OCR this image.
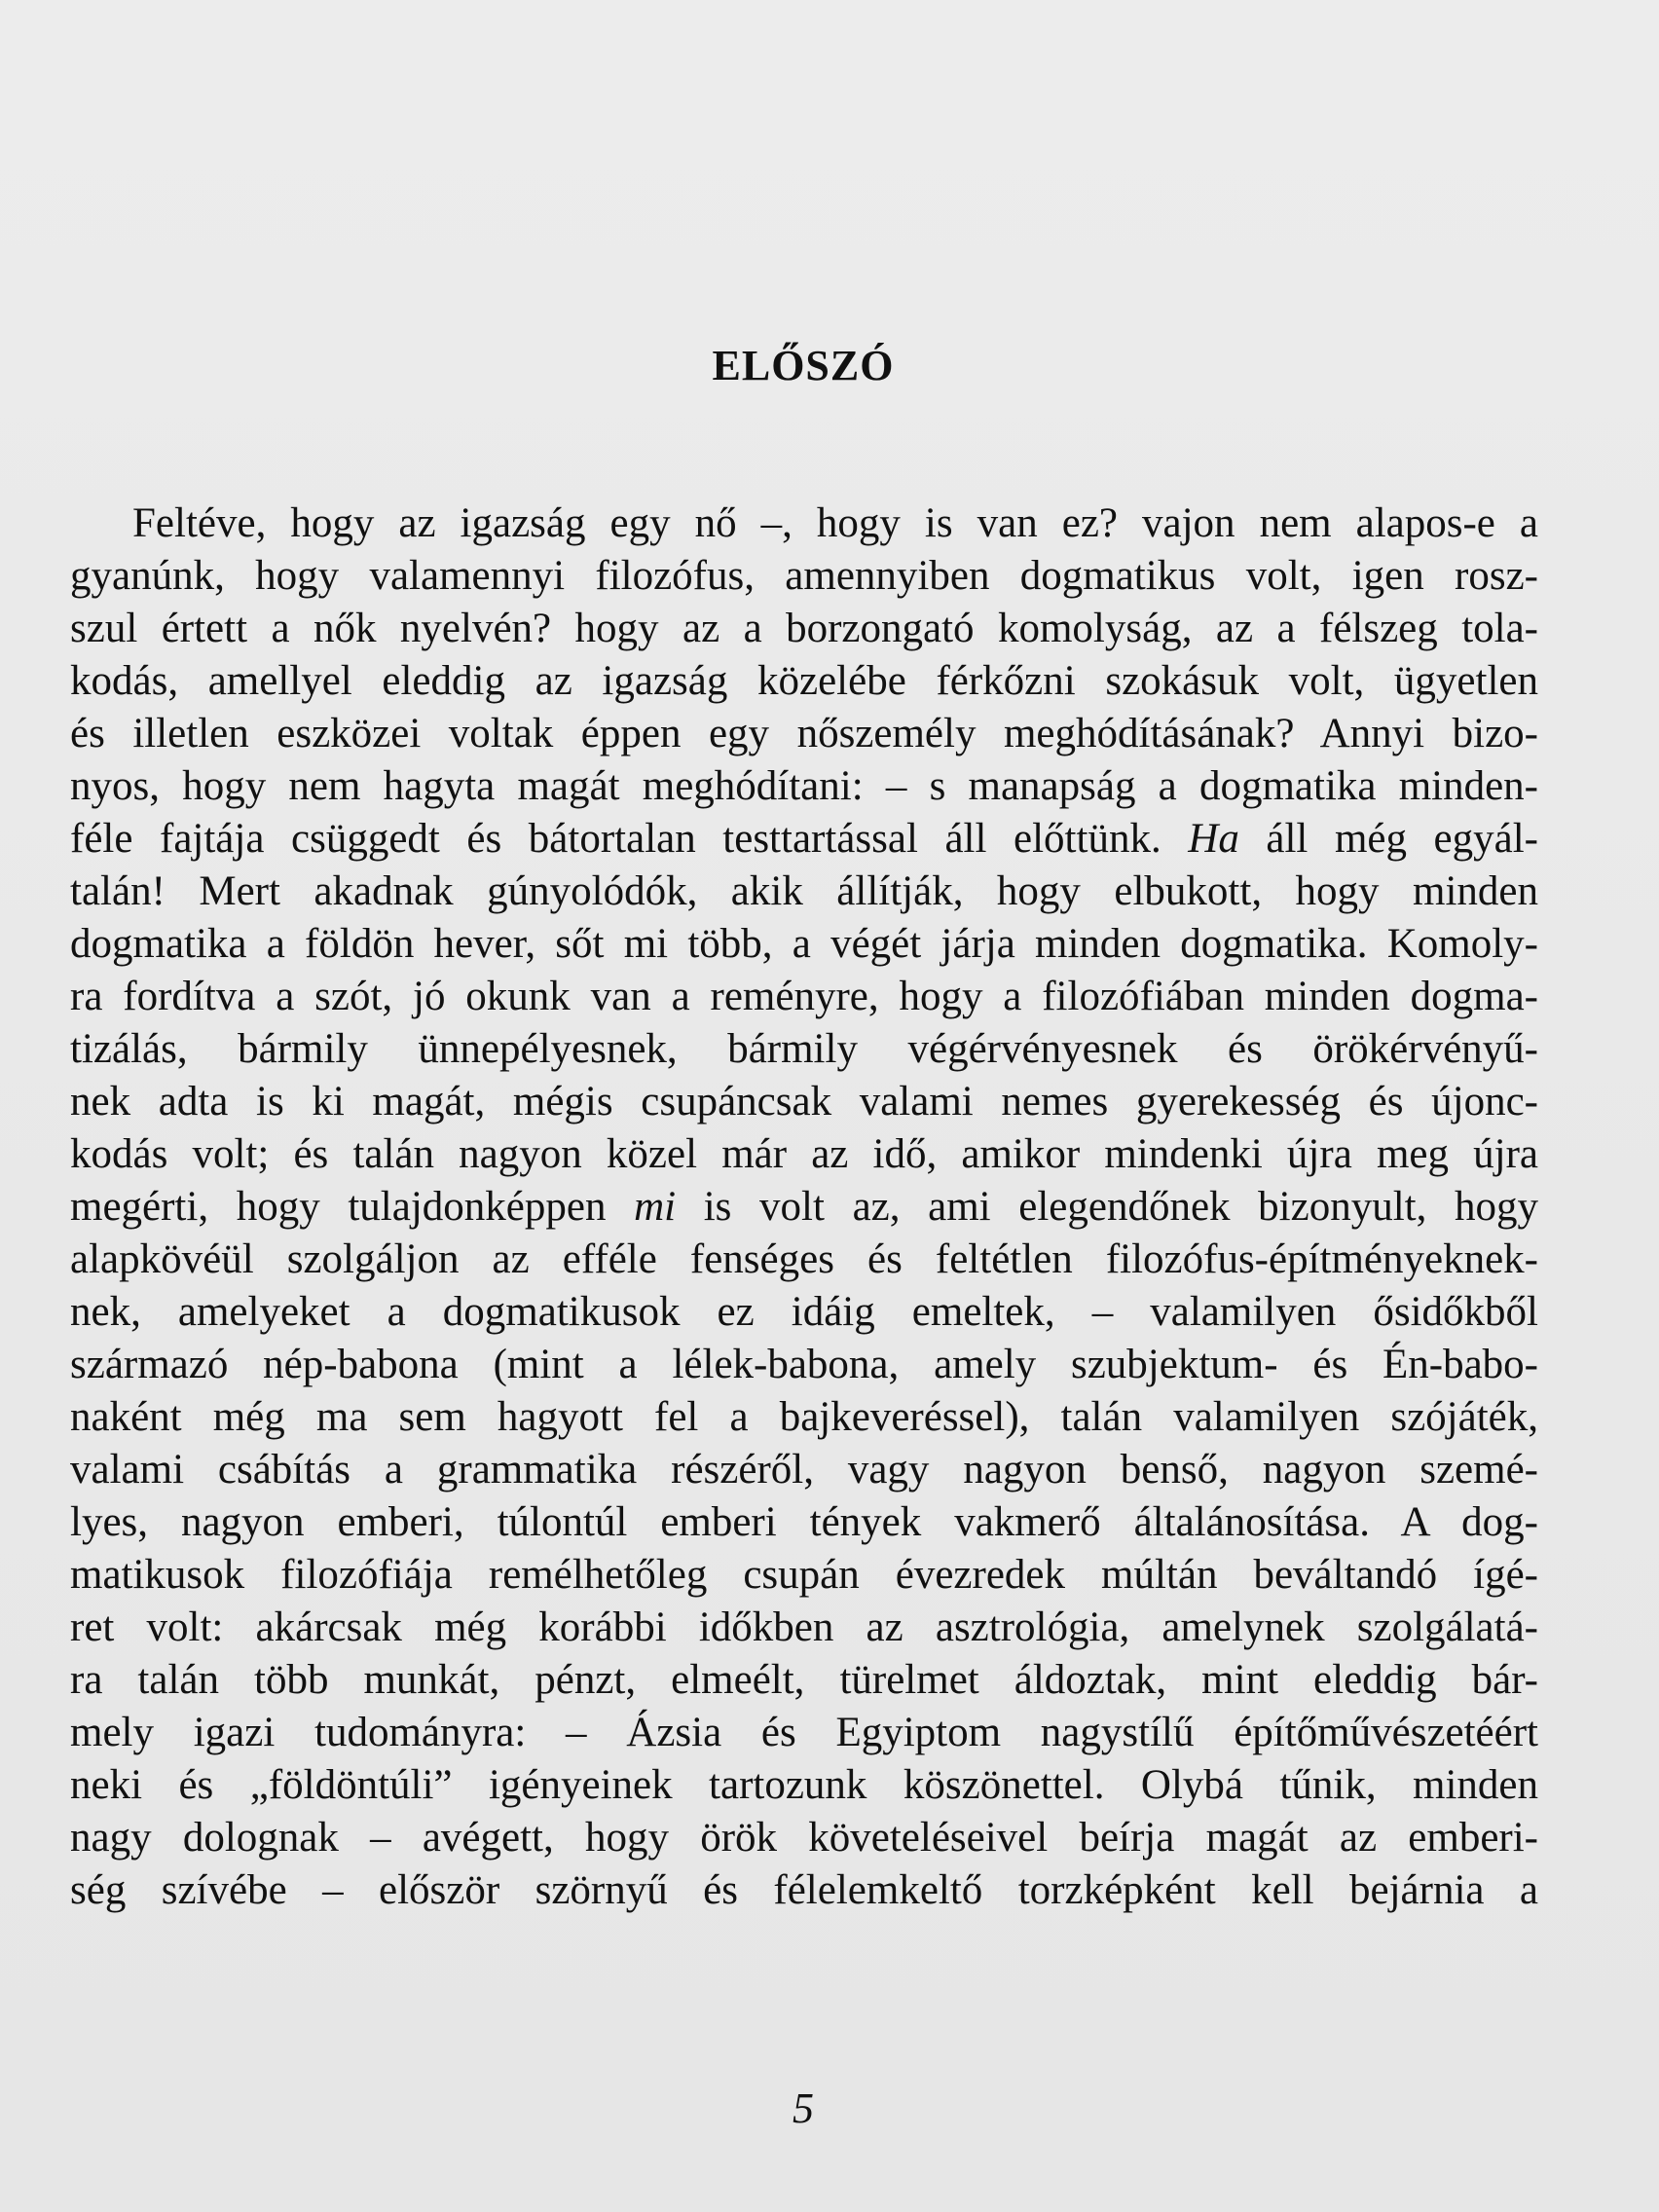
ELŐSZÓ
Feltéve, hogy az igazság egy nő –, hogy is van ez? vajon nem alapos-e a
gyanúnk, hogy valamennyi filozófus, amennyiben dogmatikus volt, igen rosz-
szul értett a nők nyelvén? hogy az a borzongató komolyság, az a félszeg tola-
kodás, amellyel eleddig az igazság közelébe férkőzni szokásuk volt, ügyetlen
és illetlen eszközei voltak éppen egy nőszemély meghódításának? Annyi bizo-
nyos, hogy nem hagyta magát meghódítani: – s manapság a dogmatika minden-
féle fajtája csüggedt és bátortalan testtartással áll előttünk. Ha áll még egyál-
talán! Mert akadnak gúnyolódók, akik állítják, hogy elbukott, hogy minden
dogmatika a földön hever, sőt mi több, a végét járja minden dogmatika. Komoly-
ra fordítva a szót, jó okunk van a reményre, hogy a filozófiában minden dogma-
tizálás, bármily ünnepélyesnek, bármily végérvényesnek és örökérvényű-
nek adta is ki magát, mégis csupáncsak valami nemes gyerekesség és újonc-
kodás volt; és talán nagyon közel már az idő, amikor mindenki újra meg újra
megérti, hogy tulajdonképpen mi is volt az, ami elegendőnek bizonyult, hogy
alapkövéül szolgáljon az efféle fenséges és feltétlen filozófus-építményeknek-
nek, amelyeket a dogmatikusok ez idáig emeltek, – valamilyen ősidőkből
származó nép-babona (mint a lélek-babona, amely szubjektum- és Én-babo-
naként még ma sem hagyott fel a bajkeveréssel), talán valamilyen szójáték,
valami csábítás a grammatika részéről, vagy nagyon benső, nagyon szemé-
lyes, nagyon emberi, túlontúl emberi tények vakmerő általánosítása. A dog-
matikusok filozófiája remélhetőleg csupán évezredek múltán beváltandó ígé-
ret volt: akárcsak még korábbi időkben az asztrológia, amelynek szolgálatá-
ra talán több munkát, pénzt, elmeélt, türelmet áldoztak, mint eleddig bár-
mely igazi tudományra: – Ázsia és Egyiptom nagystílű építőművészetéért
neki és „földöntúli” igényeinek tartozunk köszönettel. Olybá tűnik, minden
nagy dolognak – avégett, hogy örök követeléseivel beírja magát az emberi-
ség szívébe – először szörnyű és félelemkeltő torzképként kell bejárnia a
5
